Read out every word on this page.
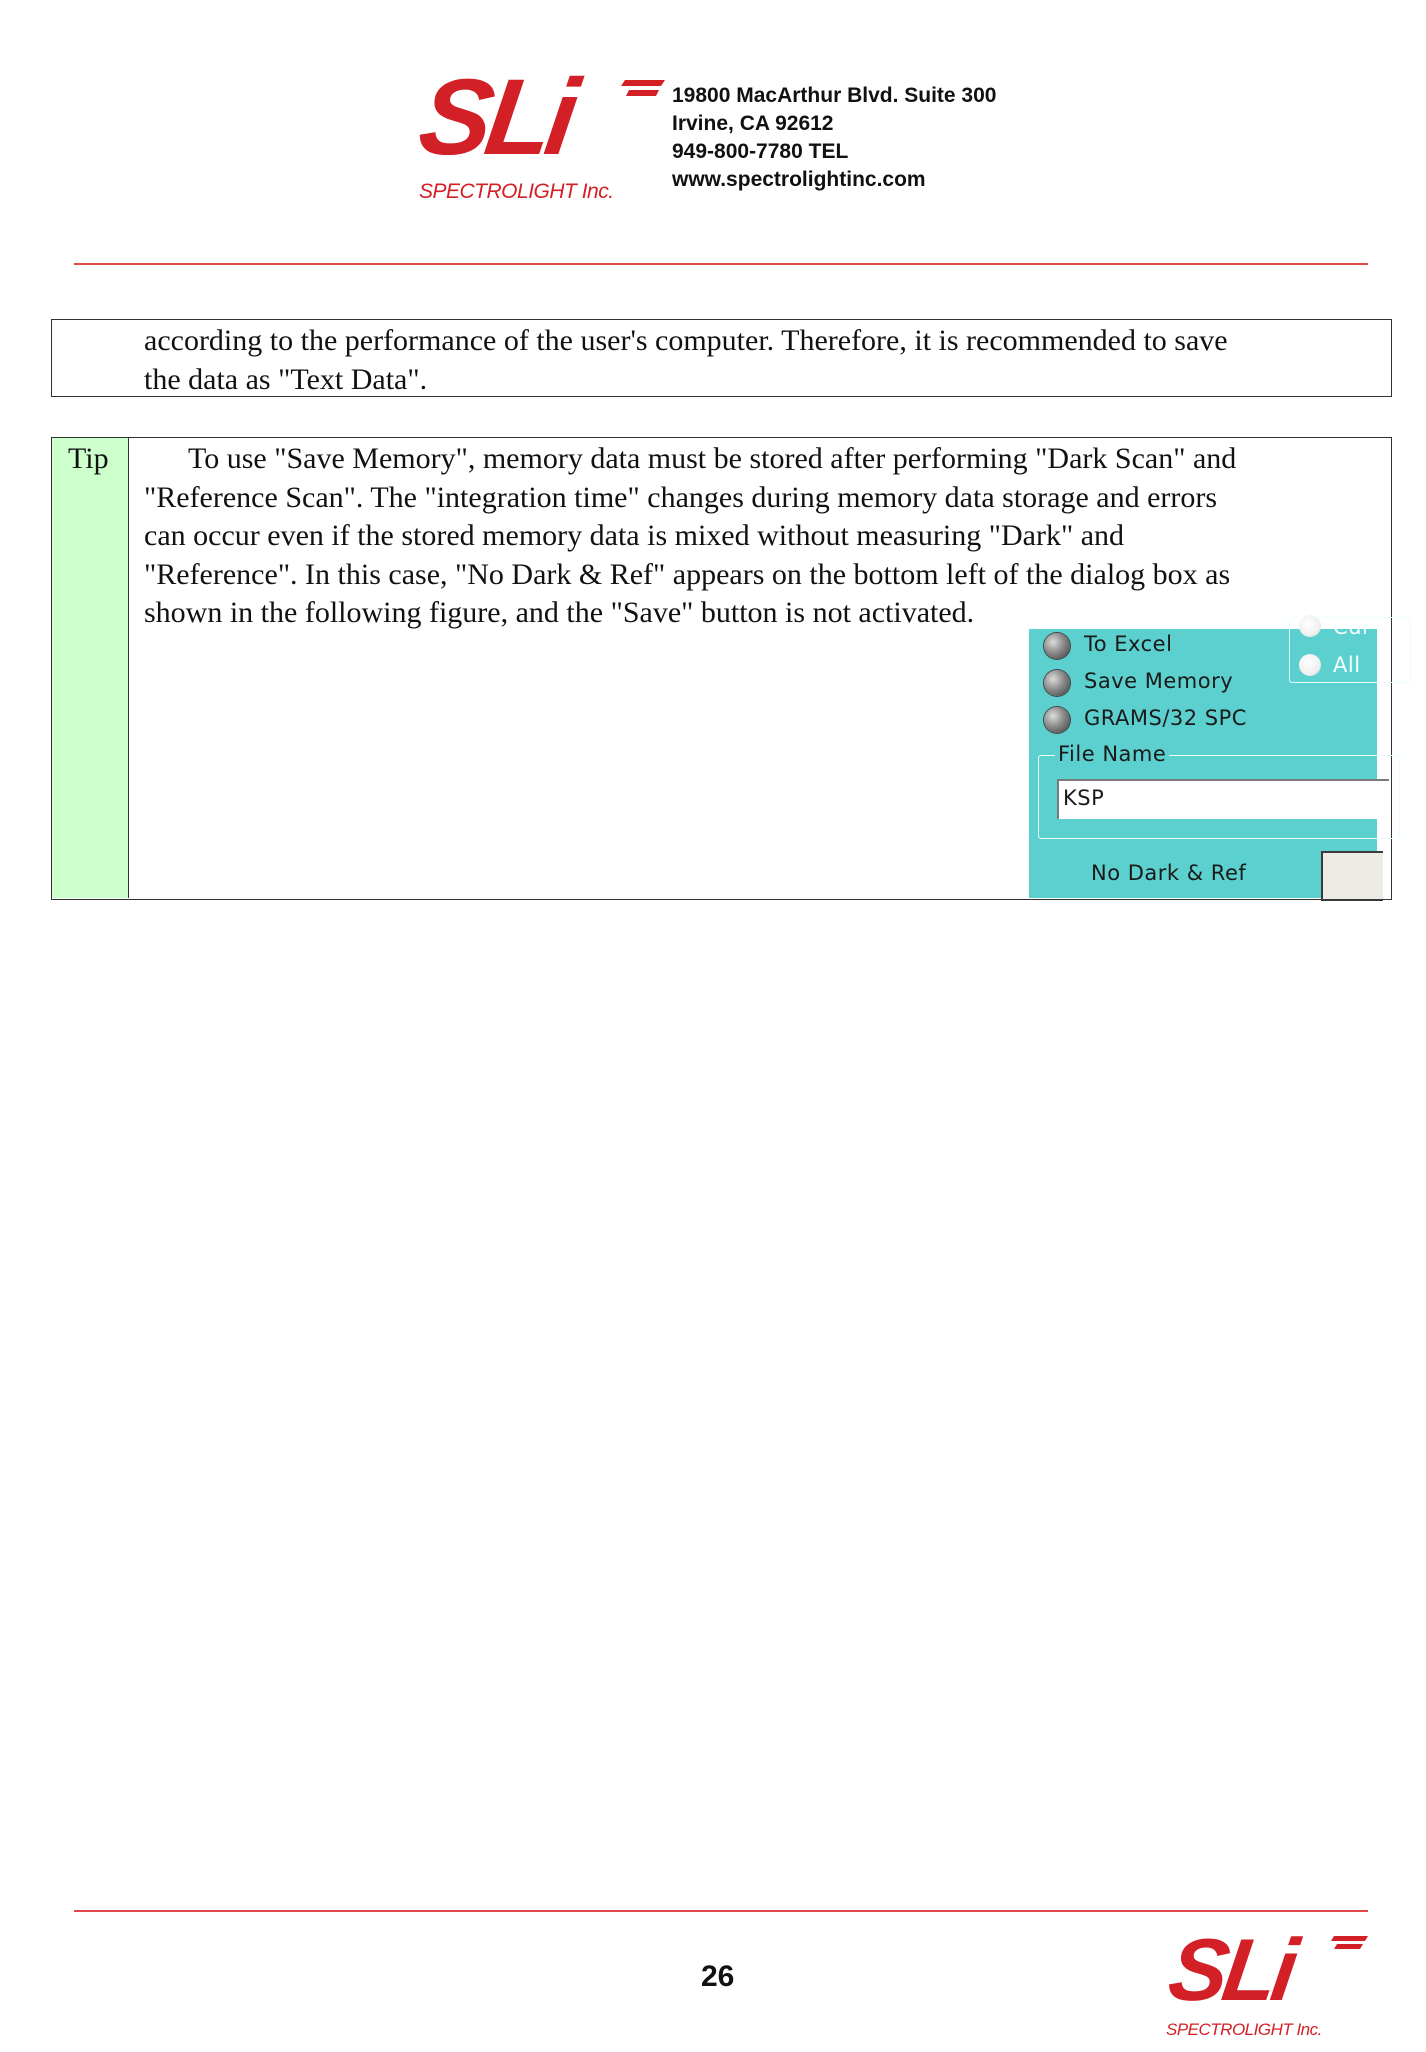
SLi
SPECTROLIGHT Inc.
19800 MacArthur Blvd. Suite 300
Irvine, CA 92612
949-800-7780 TEL
www.spectrolightinc.com
according to the performance of the user's computer. Therefore, it is recommended to save
the data as "Text Data".
Tip	To use "Save Memory", memory data must be stored after performing "Dark Scan" and
"Reference Scan". The "integration time" changes during memory data storage and errors
can occur even if the stored memory data is mixed without measuring "Dark" and
"Reference". In this case, "No Dark & Ref" appears on the bottom left of the dialog box as
shown in the following figure, and the "Save" button is not activated.
To Excel
Save Memory
GRAMS/32 SPC
Cur
All
File Name
KSP
No Dark & Ref
26	SLi
SPECTROLIGHT Inc.
